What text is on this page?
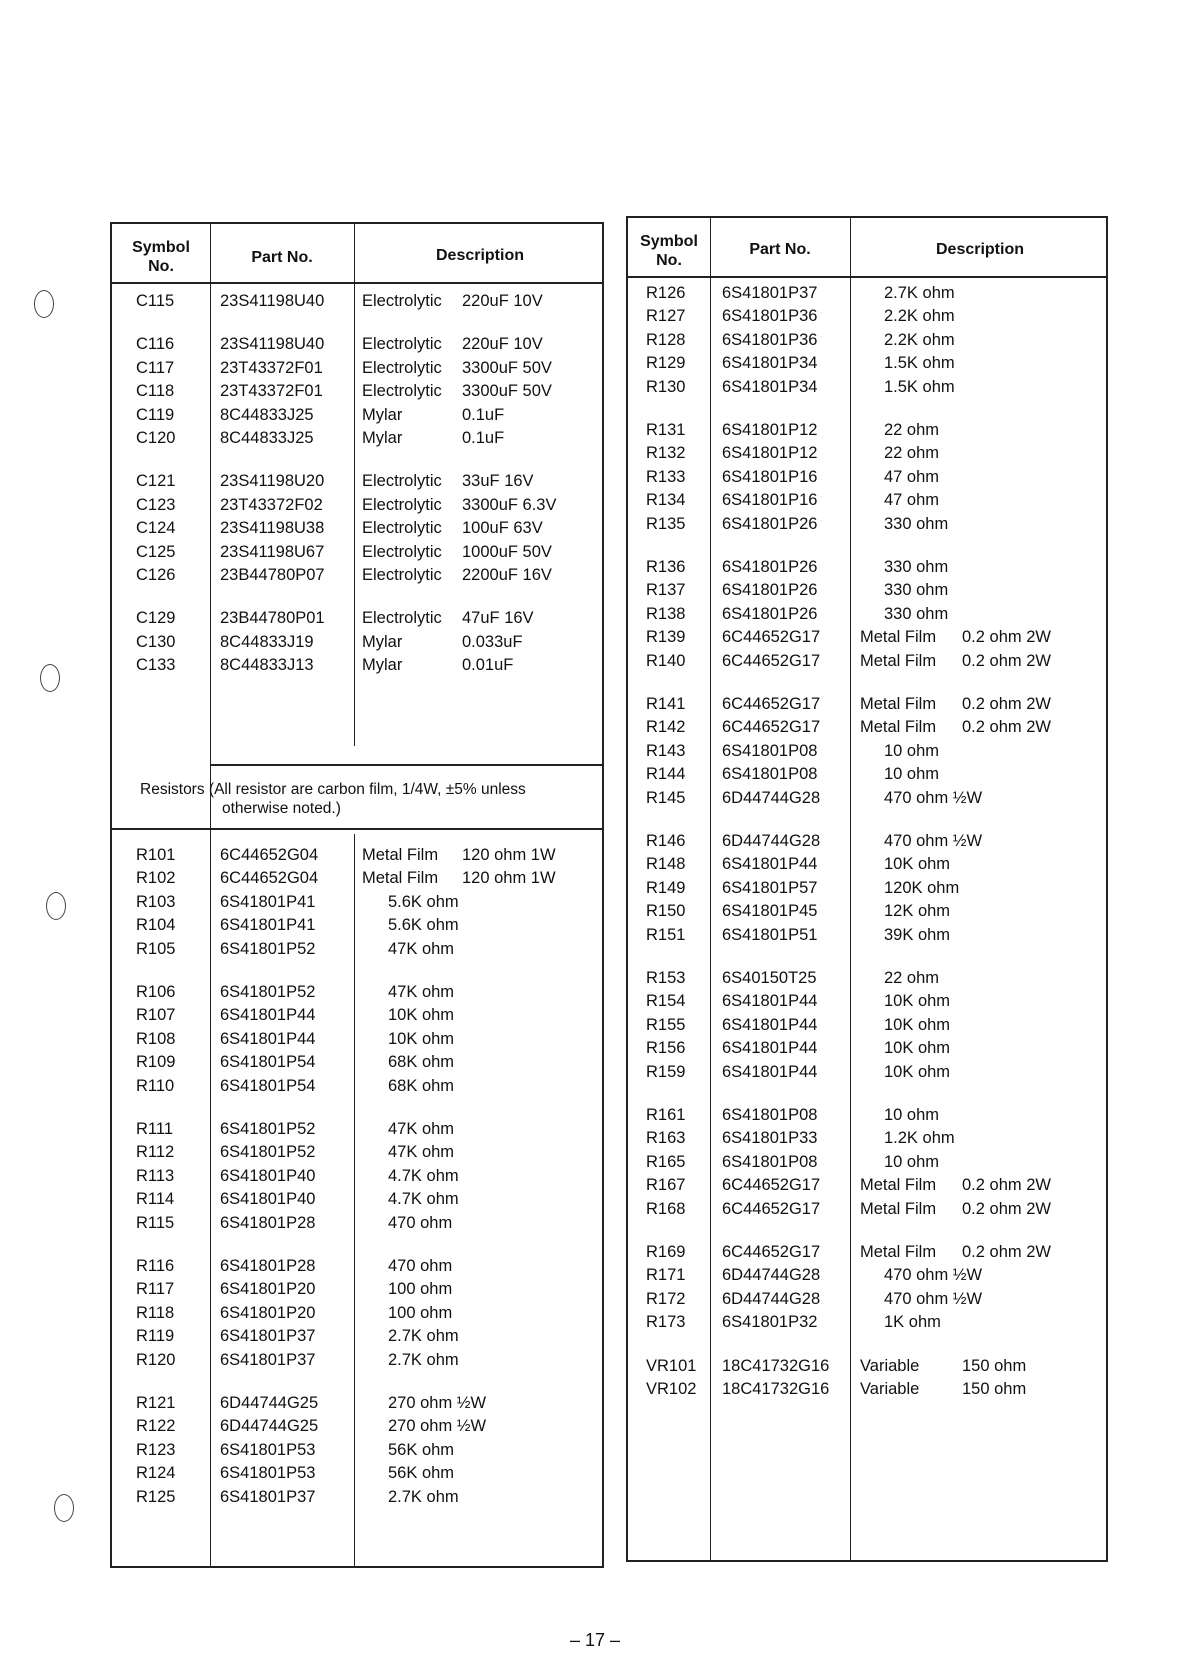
Symbol
No.
Part No.	Description
C115	23S41198U40 Electrolytic 220uF 10V
C116	23S41198U40 Electrolytic 220uF 10V
C117	23T43372F01 Electrolytic 3300uF 50V
C118	23T43372F01 Electrolytic 3300uF 50V
C119	8C44833J25	Mylar	0.1uF
C120	8C44833J25	Mylar	0.1uF
C121	23S41198U20 Electrolytic 33uF 16V
C123	23T43372F02 Electrolytic 3300uF 6.3V
C124	23S41198U38 Electrolytic 100uF 63V
C125	23S41198U67 Electrolytic 1000uF 50V
C126	23B44780P07 Electrolytic 2200uF 16V
C129	23B44780P01 Electrolytic 47uF 16V
C130	8C44833J19	Mylar	0.033uF
C133	8C44833J13	Mylar	0.01uF
Resistors (All resistor are carbon film, 1/4W, ±5% unless
otherwise noted.)
R101	6C44652G04	Metal Film 120 ohm 1W
R102	6C44652G04	Metal Film 120 ohm 1W
R103	6S41801P41	5.6K ohm
R104	6S41801P41	5.6K ohm
R105	6S41801P52	47K ohm
R106	6S41801P52	47K ohm
R107	6S41801P44	10K ohm
R108	6S41801P44	10K ohm
R109	6S41801P54	68K ohm
R110	6S41801P54	68K ohm
R111	6S41801P52	47K ohm
R112	6S41801P52	47K ohm
R113	6S41801P40	4.7K ohm
R114	6S41801P40	4.7K ohm
R115	6S41801P28	470 ohm
R116	6S41801P28	470 ohm
R117	6S41801P20	100 ohm
R118	6S41801P20	100 ohm
R119	6S41801P37	2.7K ohm
R120	6S41801P37	2.7K ohm
R121	6D44744G25	270 ohm ½W
R122	6D44744G25	270 ohm ½W
R123	6S41801P53	56K ohm
R124	6S41801P53	56K ohm
R125	6S41801P37	2.7K ohm
Symbol
No.
Part No.	Description
R126 6S41801P37	2.7K ohm
R127 6S41801P36	2.2K ohm
R128 6S41801P36	2.2K ohm
R129 6S41801P34	1.5K ohm
R130 6S41801P34	1.5K ohm
R131 6S41801P12	22 ohm
R132 6S41801P12	22 ohm
R133 6S41801P16	47 ohm
R134 6S41801P16	47 ohm
R135 6S41801P26	330 ohm
R136 6S41801P26	330 ohm
R137 6S41801P26	330 ohm
R138 6S41801P26	330 ohm
R139 6C44652G17 Metal Film 0.2 ohm 2W
R140 6C44652G17 Metal Film 0.2 ohm 2W
R141 6C44652G17 Metal Film 0.2 ohm 2W
R142 6C44652G17 Metal Film 0.2 ohm 2W
R143 6S41801P08	10 ohm
R144 6S41801P08	10 ohm
R145 6D44744G28	470 ohm ½W
R146 6D44744G28	470 ohm ½W
R148 6S41801P44	10K ohm
R149 6S41801P57	120K ohm
R150 6S41801P45	12K ohm
R151 6S41801P51	39K ohm
R153 6S40150T25	22 ohm
R154 6S41801P44	10K ohm
R155 6S41801P44	10K ohm
R156 6S41801P44	10K ohm
R159 6S41801P44	10K ohm
R161 6S41801P08	10 ohm
R163 6S41801P33	1.2K ohm
R165 6S41801P08	10 ohm
R167 6C44652G17 Metal Film 0.2 ohm 2W
R168 6C44652G17 Metal Film 0.2 ohm 2W
R169 6C44652G17 Metal Film 0.2 ohm 2W
R171 6D44744G28	470 ohm ½W
R172 6D44744G28	470 ohm ½W
R173 6S41801P32	1K ohm
VR101 18C41732G16 Variable	150 ohm
VR102 18C41732G16 Variable	150 ohm
– 17 –
